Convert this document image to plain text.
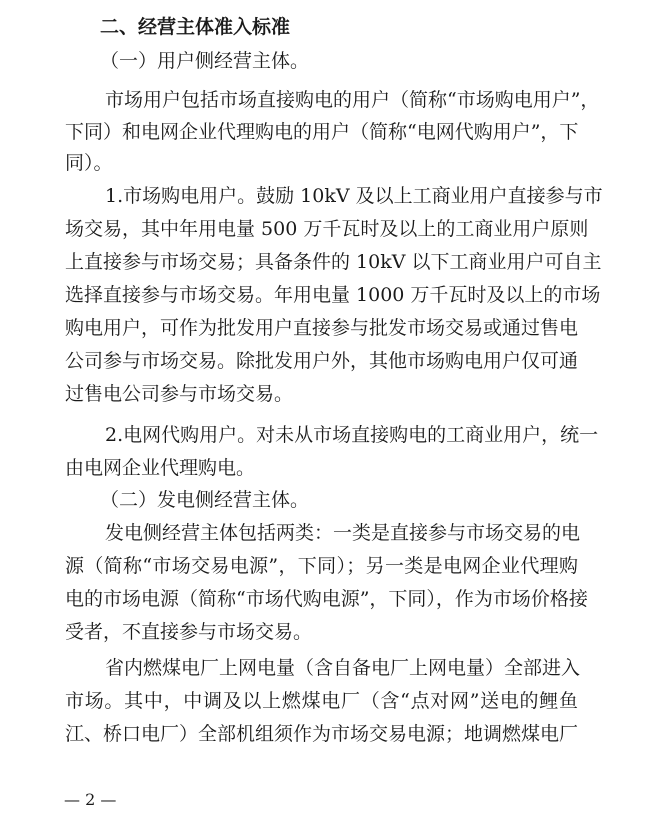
二、经营主体准入标准
（一）用户侧经营主体。
市场用户包括市场直接购电的用户（简称“市场购电用户”，
下同）和电网企业代理购电的用户（简称“电网代购用户”，下
同）。
1.市场购电用户。鼓励 10kV 及以上工商业用户直接参与市
场交易，其中年用电量 500 万千瓦时及以上的工商业用户原则
上直接参与市场交易；具备条件的 10kV 以下工商业用户可自主
选择直接参与市场交易。年用电量 1000 万千瓦时及以上的市场
购电用户，可作为批发用户直接参与批发市场交易或通过售电
公司参与市场交易。除批发用户外，其他市场购电用户仅可通
过售电公司参与市场交易。
2.电网代购用户。对未从市场直接购电的工商业用户，统一
由电网企业代理购电。
（二）发电侧经营主体。
发电侧经营主体包括两类：一类是直接参与市场交易的电
源（简称“市场交易电源”，下同）；另一类是电网企业代理购
电的市场电源（简称“市场代购电源”，下同），作为市场价格接
受者，不直接参与市场交易。
省内燃煤电厂上网电量（含自备电厂上网电量）全部进入
市场。其中，中调及以上燃煤电厂（含“点对网”送电的鲤鱼
江、桥口电厂）全部机组须作为市场交易电源；地调燃煤电厂
— 2 —
